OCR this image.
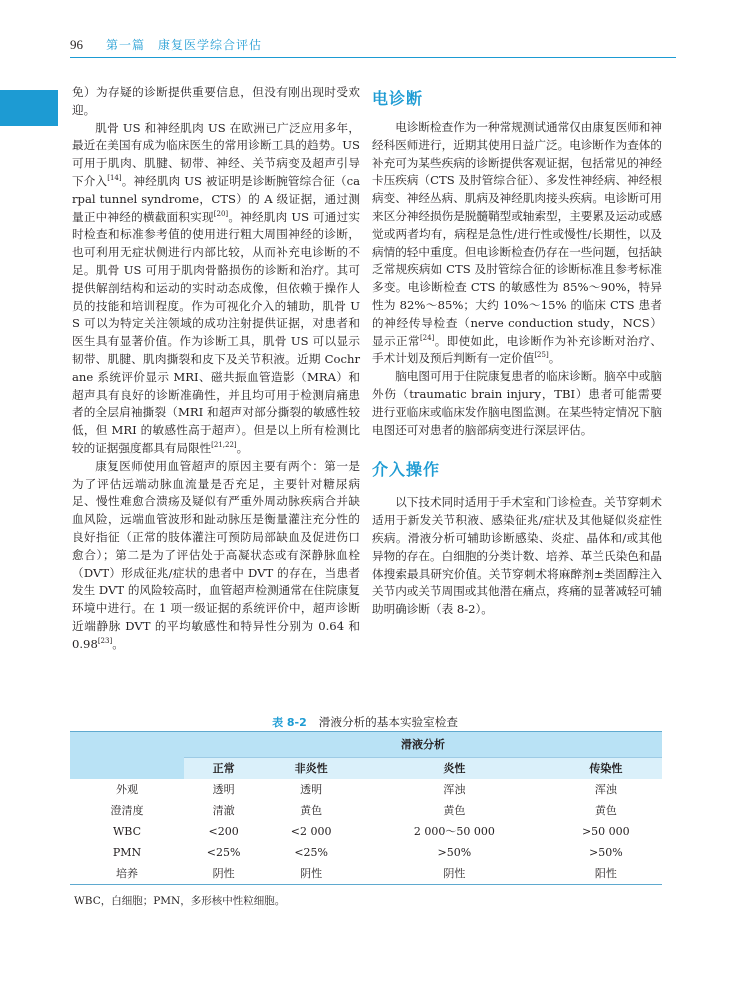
96 第一篇　康复医学综合评估

免）为存疑的诊断提供重要信息，但没有刚出现时受欢迎。

肌骨 US 和神经肌肉 US 在欧洲已广泛应用多年，最近在美国有成为临床医生的常用诊断工具的趋势。US 可用于肌肉、肌腱、韧带、神经、关节病变及超声引导下介入[14]。神经肌肉 US 被证明是诊断腕管综合征（carpal tunnel syndrome，CTS）的 A 级证据，通过测量正中神经的横截面积实现[20]。神经肌肉 US 可通过实时检查和标准参考值的使用进行粗大周围神经的诊断，也可利用无症状侧进行内部比较，从而补充电诊断的不足。肌骨 US 可用于肌肉骨骼损伤的诊断和治疗。其可提供解剖结构和运动的实时动态成像，但依赖于操作人员的技能和培训程度。作为可视化介入的辅助，肌骨 US 可以为特定关注领域的成功注射提供证据，对患者和医生具有显著价值。作为诊断工具，肌骨 US 可以显示韧带、肌腱、肌肉撕裂和皮下及关节积液。近期 Cochrane 系统评价显示 MRI、磁共振血管造影（MRA）和超声具有良好的诊断准确性，并且均可用于检测肩痛患者的全层肩袖撕裂（MRI 和超声对部分撕裂的敏感性较低，但 MRI 的敏感性高于超声）。但是以上所有检测比较的证据强度都具有局限性[21,22]。

康复医师使用血管超声的原因主要有两个：第一是为了评估远端动脉血流量是否充足，主要针对糖尿病足、慢性难愈合溃疡及疑似有严重外周动脉疾病合并缺血风险，远端血管波形和趾动脉压是衡量灌注充分性的良好指征（正常的肢体灌注可预防局部缺血及促进伤口愈合）；第二是为了评估处于高凝状态或有深静脉血栓（DVT）形成征兆/症状的患者中 DVT 的存在，当患者发生 DVT 的风险较高时，血管超声检测通常在住院康复环境中进行。在 1 项一级证据的系统评价中，超声诊断近端静脉 DVT 的平均敏感性和特异性分别为 0.64 和 0.98[23]。

电诊断

电诊断检查作为一种常规测试通常仅由康复医师和神经科医师进行，近期其使用日益广泛。电诊断作为查体的补充可为某些疾病的诊断提供客观证据，包括常见的神经卡压疾病（CTS 及肘管综合征）、多发性神经病、神经根病变、神经丛病、肌病及神经肌肉接头疾病。电诊断可用来区分神经损伤是脱髓鞘型或轴索型，主要累及运动或感觉或两者均有，病程是急性/进行性或慢性/长期性，以及病情的轻中重度。但电诊断检查仍存在一些问题，包括缺乏常规疾病如 CTS 及肘管综合征的诊断标准且参考标准多变。电诊断检查 CTS 的敏感性为 85%～90%，特异性为 82%～85%；大约 10%～15% 的临床 CTS 患者的神经传导检查（nerve conduction study，NCS）显示正常[24]。即使如此，电诊断作为补充诊断对治疗、手术计划及预后判断有一定价值[25]。

脑电图可用于住院康复患者的临床诊断。脑卒中或脑外伤（traumatic brain injury，TBI）患者可能需要进行亚临床或临床发作脑电图监测。在某些特定情况下脑电图还可对患者的脑部病变进行深层评估。

介入操作

以下技术同时适用于手术室和门诊检查。关节穿刺术适用于新发关节积液、感染征兆/症状及其他疑似炎症性疾病。滑液分析可辅助诊断感染、炎症、晶体和/或其他异物的存在。白细胞的分类计数、培养、革兰氏染色和晶体搜索最具研究价值。关节穿刺术将麻醉剂±类固醇注入关节内或关节周围或其他潜在痛点，疼痛的显著减轻可辅助明确诊断（表 8-2）。

表 8-2 滑液分析的基本实验室检查

	滑液分析			
	正常	非炎性	炎性	传染性
外观	透明	透明	浑浊	浑浊
澄清度	清澈	黄色	黄色	黄色
WBC	<200	<2 000	2 000～50 000	>50 000
PMN	<25%	<25%	>50%	>50%
培养	阴性	阴性	阴性	阳性
WBC，白细胞；PMN，多形核中性粒细胞。
